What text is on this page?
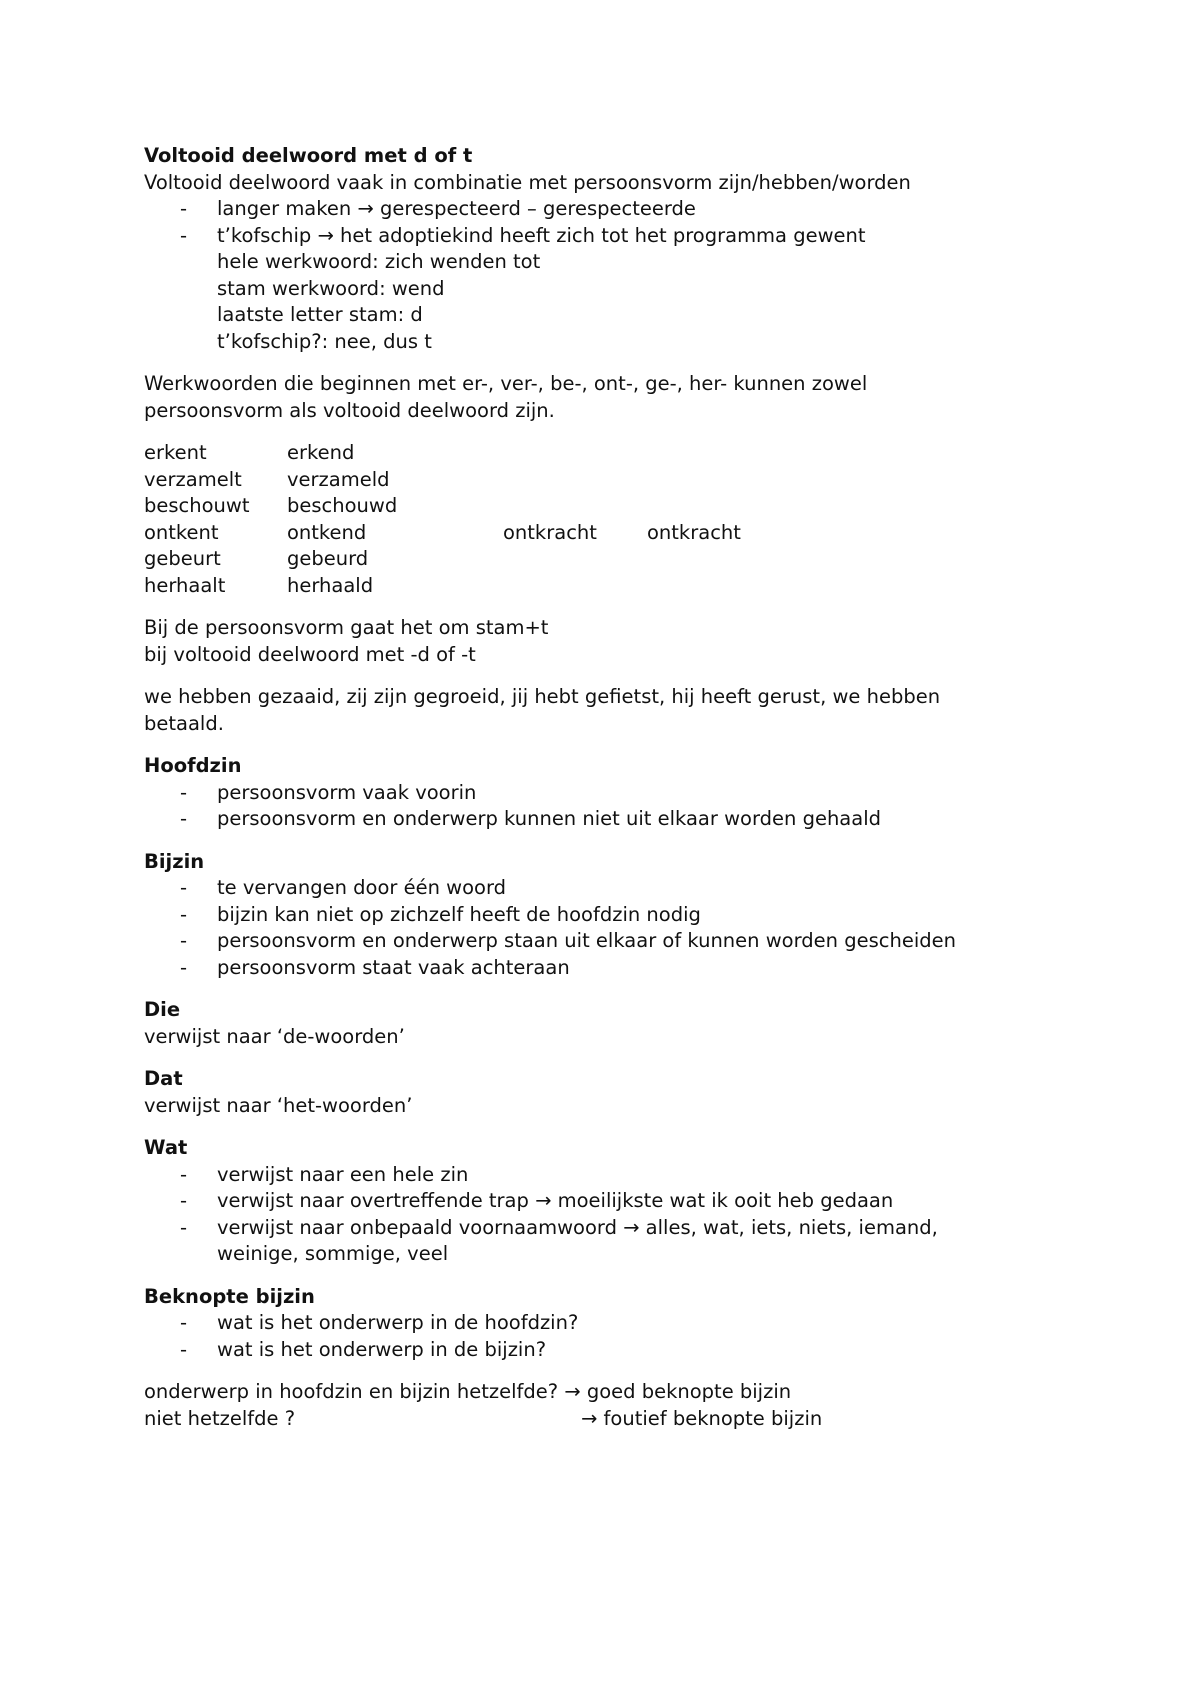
Voltooid deelwoord met d of t
Voltooid deelwoord vaak in combinatie met persoonsvorm zijn/hebben/worden
- langer maken → gerespecteerd – gerespecteerde
- t’kofschip → het adoptiekind heeft zich tot het programma gewent
hele werkwoord: zich wenden tot
stam werkwoord: wend
laatste letter stam: d
t’kofschip?: nee, dus t
Werkwoorden die beginnen met er-, ver-, be-, ont-, ge-, her- kunnen zowel
persoonsvorm als voltooid deelwoord zijn.
erkent	erkend
verzamelt	verzameld
beschouwt	beschouwd
ontkent	ontkend	ontkracht	ontkracht
gebeurt	gebeurd
herhaalt	herhaald
Bij de persoonsvorm gaat het om stam+t
bij voltooid deelwoord met -d of -t
we hebben gezaaid, zij zijn gegroeid, jij hebt gefietst, hij heeft gerust, we hebben
betaald.
Hoofdzin
- persoonsvorm vaak voorin
- persoonsvorm en onderwerp kunnen niet uit elkaar worden gehaald
Bijzin
- te vervangen door één woord
- bijzin kan niet op zichzelf heeft de hoofdzin nodig
- persoonsvorm en onderwerp staan uit elkaar of kunnen worden gescheiden
- persoonsvorm staat vaak achteraan
Die
verwijst naar ‘de-woorden’
Dat
verwijst naar ‘het-woorden’
Wat
- verwijst naar een hele zin
- verwijst naar overtreffende trap → moeilijkste wat ik ooit heb gedaan
- verwijst naar onbepaald voornaamwoord → alles, wat, iets, niets, iemand,
weinige, sommige, veel
Beknopte bijzin
- wat is het onderwerp in de hoofdzin?
- wat is het onderwerp in de bijzin?
onderwerp in hoofdzin en bijzin hetzelfde? → goed beknopte bijzin
niet hetzelfde ?	→ foutief beknopte bijzin
